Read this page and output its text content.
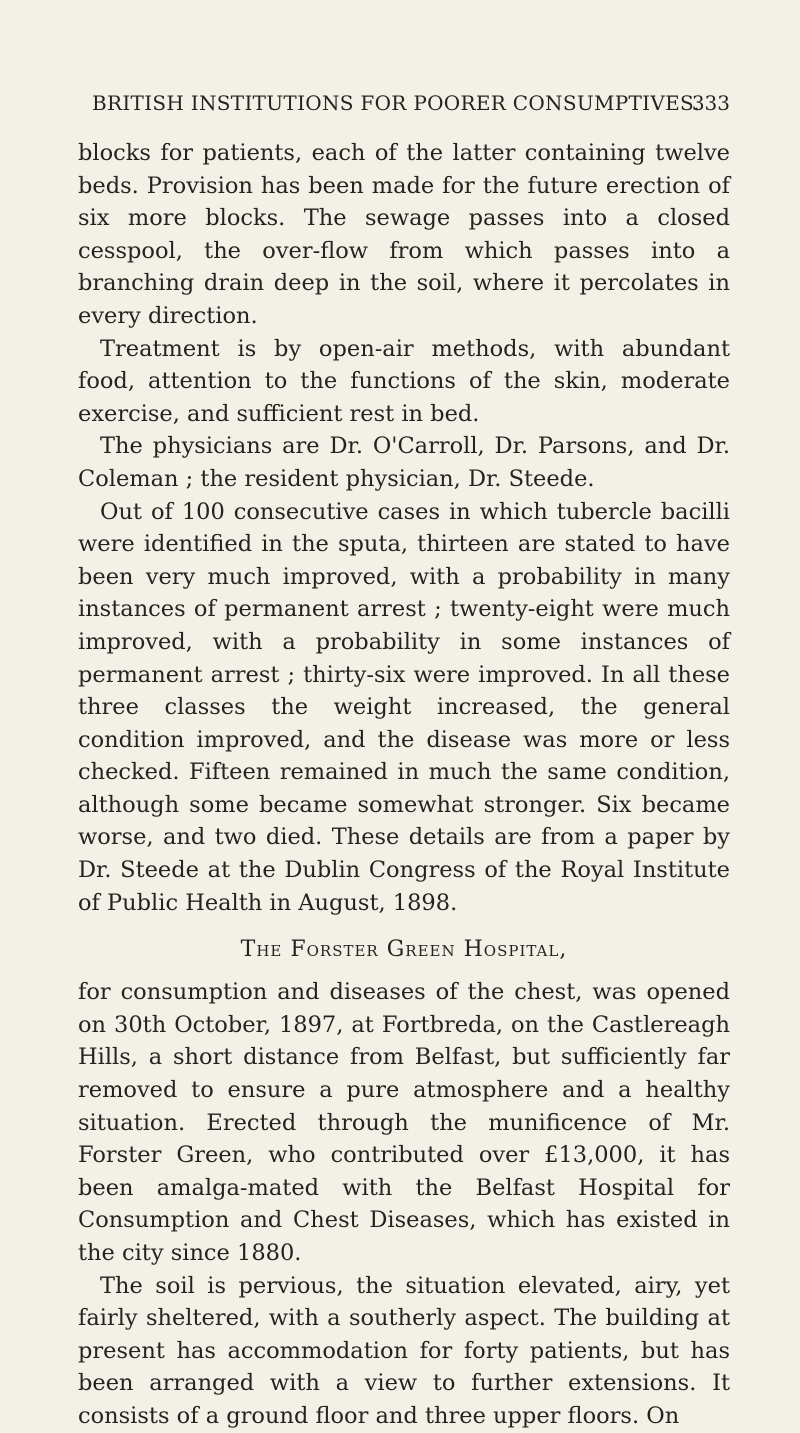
BRITISH INSTITUTIONS FOR POORER CONSUMPTIVES.
333

blocks for patients, each of the latter containing twelve beds. Provision has been made for the future erection of six more blocks. The sewage passes into a closed cesspool, the over-flow from which passes into a branching drain deep in the soil, where it percolates in every direction.

Treatment is by open-air methods, with abundant food, attention to the functions of the skin, moderate exercise, and sufficient rest in bed.

The physicians are Dr. O'Carroll, Dr. Parsons, and Dr. Coleman ; the resident physician, Dr. Steede.

Out of 100 consecutive cases in which tubercle bacilli were identified in the sputa, thirteen are stated to have been very much improved, with a probability in many instances of permanent arrest ; twenty-eight were much improved, with a probability in some instances of permanent arrest ; thirty-six were improved. In all these three classes the weight increased, the general condition improved, and the disease was more or less checked. Fifteen remained in much the same condition, although some became somewhat stronger. Six became worse, and two died. These details are from a paper by Dr. Steede at the Dublin Congress of the Royal Institute of Public Health in August, 1898.

The Forster Green Hospital,

for consumption and diseases of the chest, was opened on 30th October, 1897, at Fortbreda, on the Castlereagh Hills, a short distance from Belfast, but sufficiently far removed to ensure a pure atmosphere and a healthy situation. Erected through the munificence of Mr. Forster Green, who contributed over £13,000, it has been amalga-mated with the Belfast Hospital for Consumption and Chest Diseases, which has existed in the city since 1880.

The soil is pervious, the situation elevated, airy, yet fairly sheltered, with a southerly aspect. The building at present has accommodation for forty patients, but has been arranged with a view to further extensions. It consists of a ground floor and three upper floors. On
